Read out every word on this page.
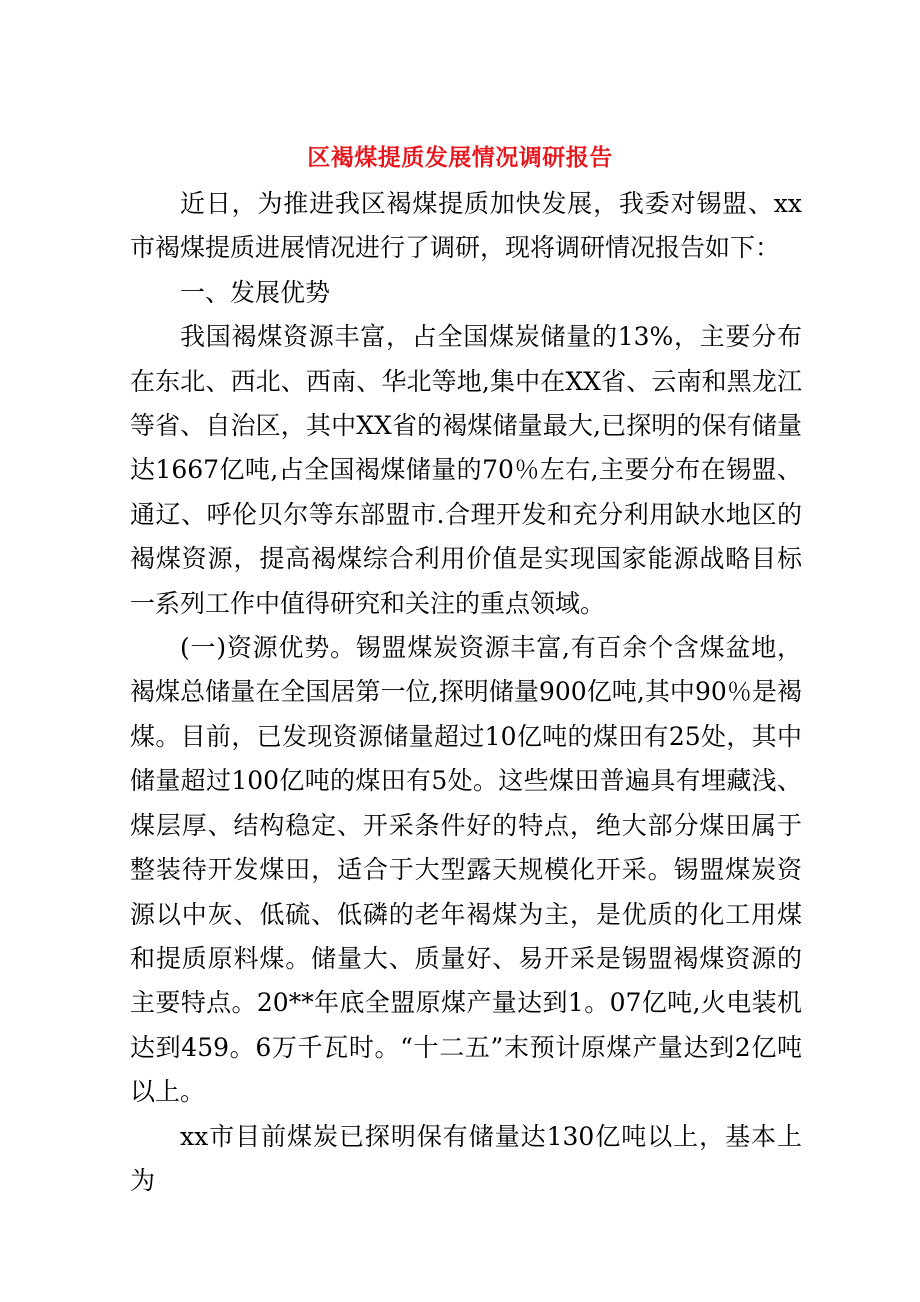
区褐煤提质发展情况调研报告

近日，为推进我区褐煤提质加快发展，我委对锡盟、xx市褐煤提质进展情况进行了调研，现将调研情况报告如下：

一、发展优势

我国褐煤资源丰富，占全国煤炭储量的13%，主要分布在东北、西北、西南、华北等地,集中在XX省、云南和黑龙江等省、自治区，其中XX省的褐煤储量最大,已探明的保有储量达1667亿吨,占全国褐煤储量的70％左右,主要分布在锡盟、通辽、呼伦贝尔等东部盟市.合理开发和充分利用缺水地区的褐煤资源，提高褐煤综合利用价值是实现国家能源战略目标一系列工作中值得研究和关注的重点领域。

(一)资源优势。锡盟煤炭资源丰富,有百余个含煤盆地，褐煤总储量在全国居第一位,探明储量900亿吨,其中90％是褐煤。目前，已发现资源储量超过10亿吨的煤田有25处，其中储量超过100亿吨的煤田有5处。这些煤田普遍具有埋藏浅、煤层厚、结构稳定、开采条件好的特点，绝大部分煤田属于整装待开发煤田，适合于大型露天规模化开采。锡盟煤炭资源以中灰、低硫、低磷的老年褐煤为主，是优质的化工用煤和提质原料煤。储量大、质量好、易开采是锡盟褐煤资源的主要特点。20**年底全盟原煤产量达到1。07亿吨,火电装机达到459。6万千瓦时。“十二五”末预计原煤产量达到2亿吨以上。

xx市目前煤炭已探明保有储量达130亿吨以上，基本上为
